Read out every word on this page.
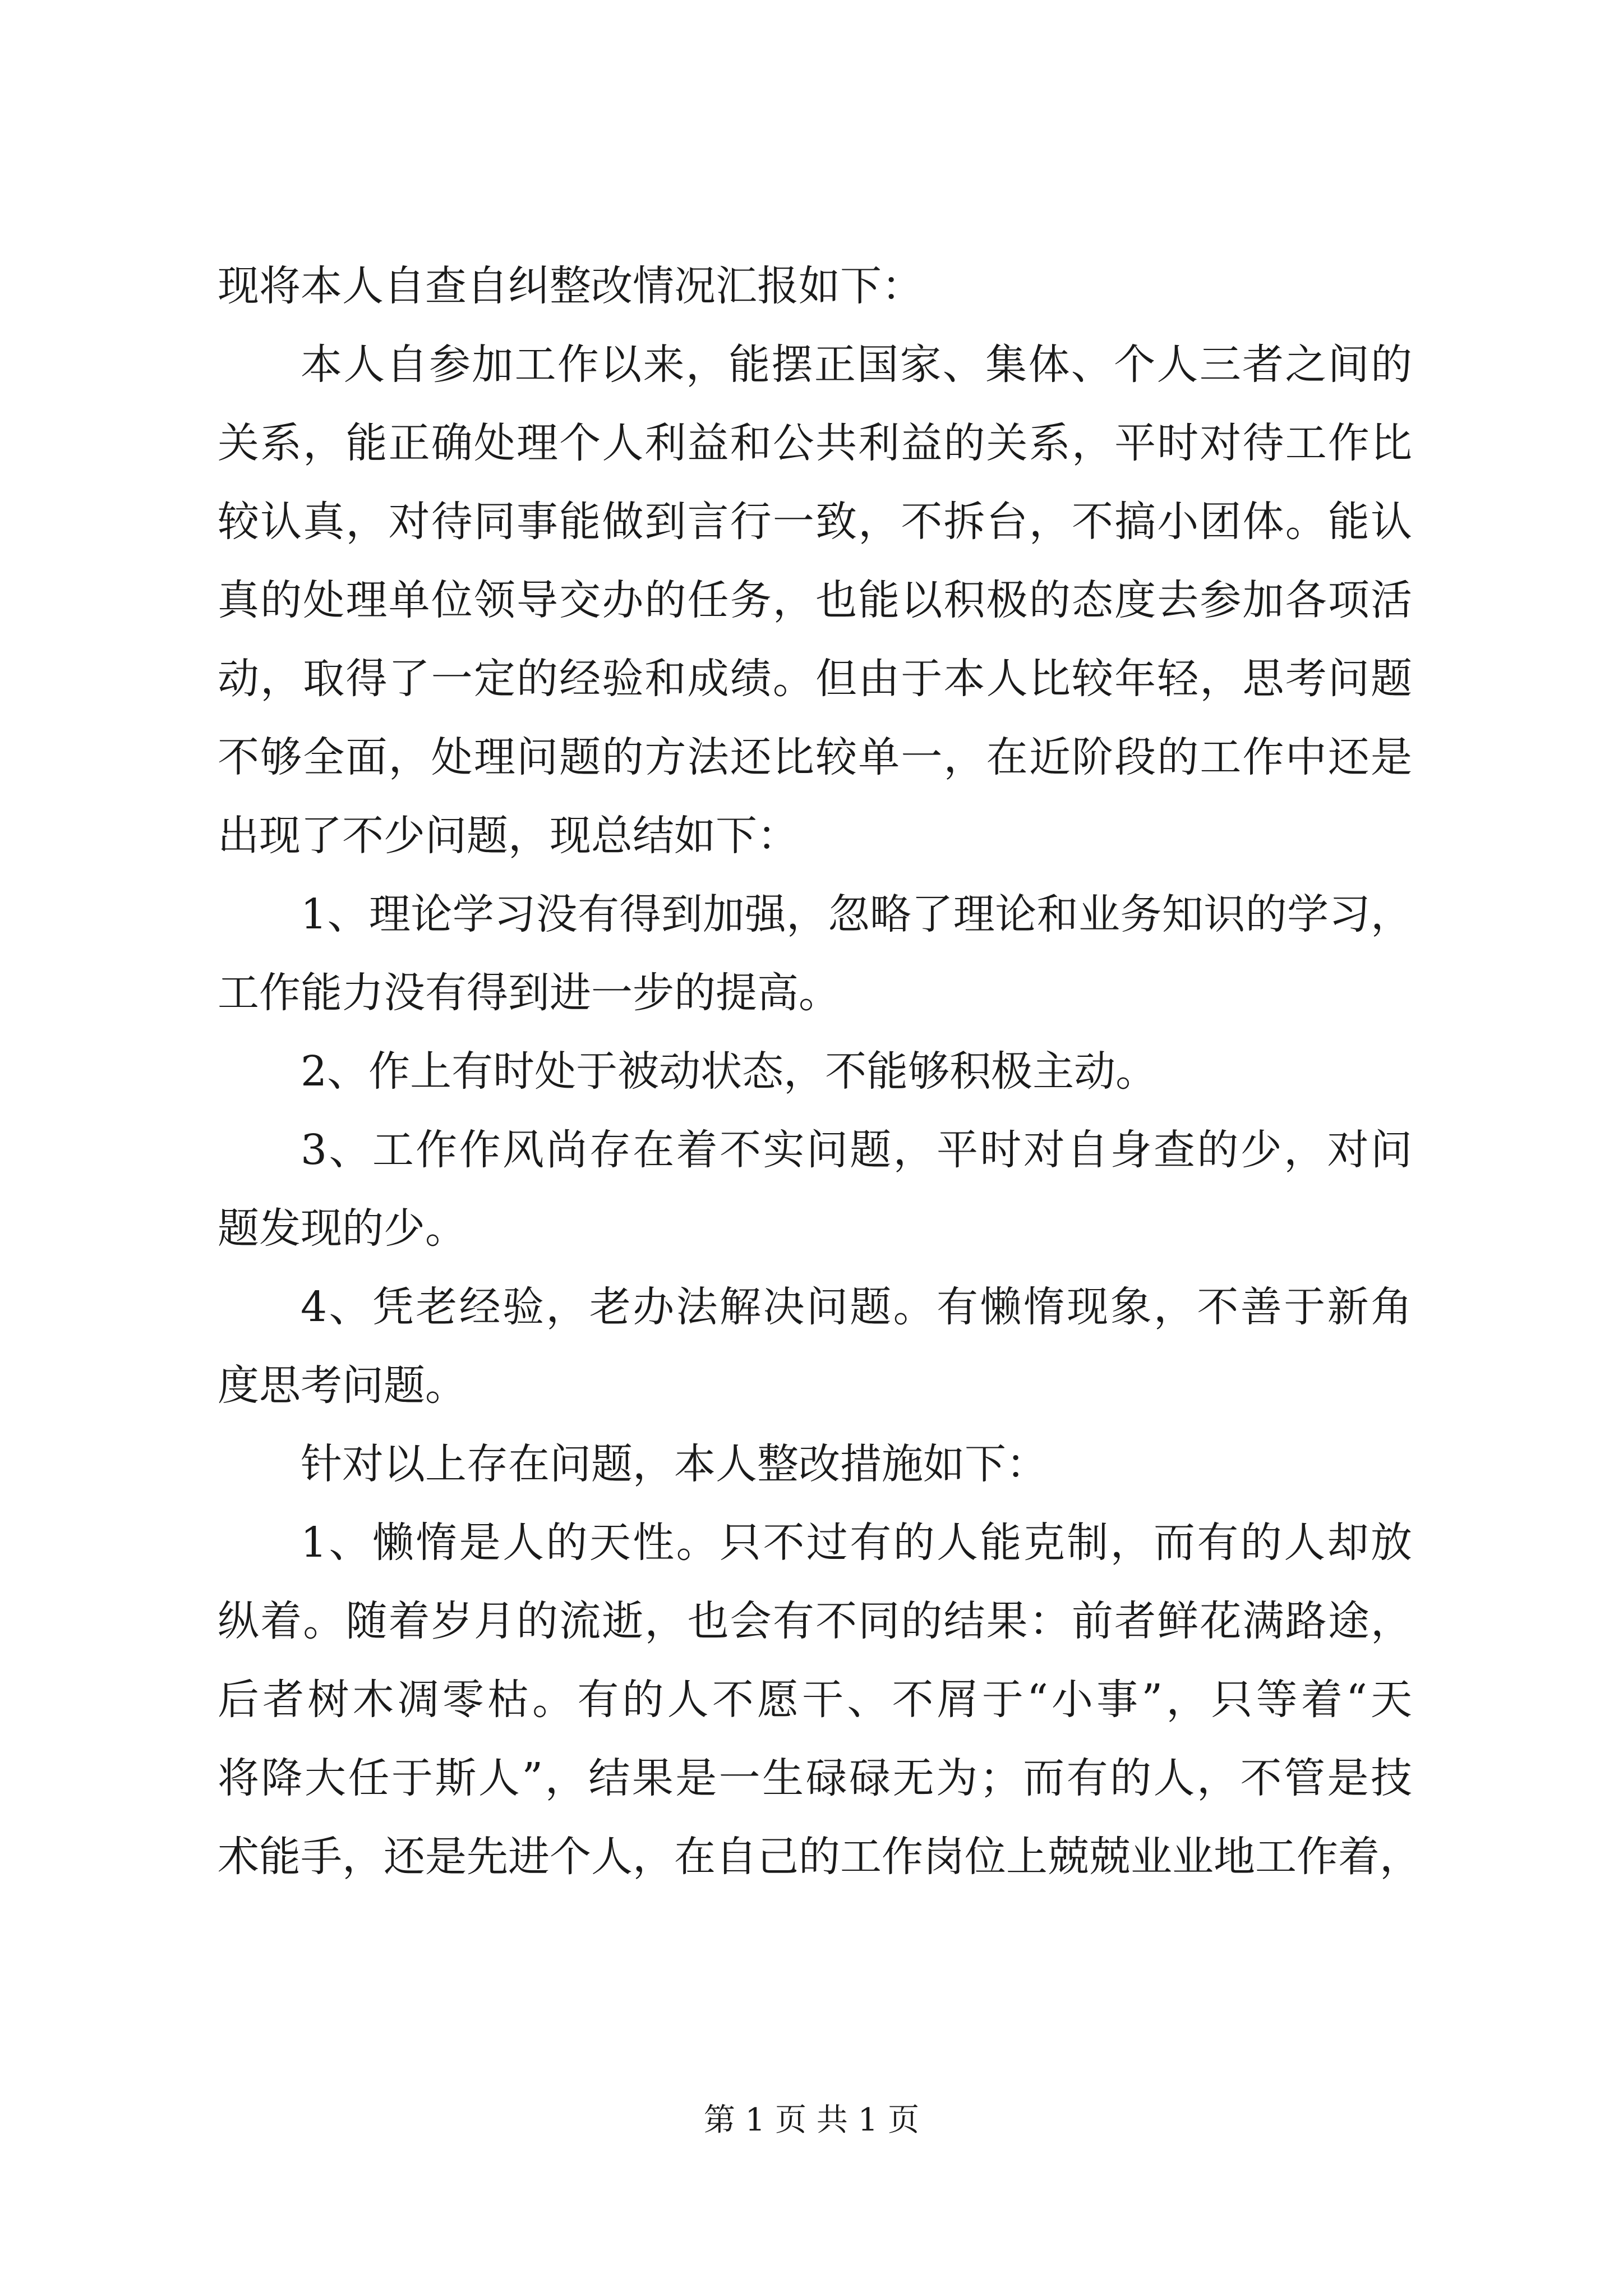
现将本人自查自纠整改情况汇报如下：
本人自参加工作以来，能摆正国家、集体、个人三者之间的
关系，能正确处理个人利益和公共利益的关系，平时对待工作比
较认真，对待同事能做到言行一致，不拆台，不搞小团体。能认
真的处理单位领导交办的任务，也能以积极的态度去参加各项活
动，取得了一定的经验和成绩。但由于本人比较年轻，思考问题
不够全面，处理问题的方法还比较单一，在近阶段的工作中还是
出现了不少问题，现总结如下：
1、理论学习没有得到加强，忽略了理论和业务知识的学习，
工作能力没有得到进一步的提高。
2、作上有时处于被动状态，不能够积极主动。
3、工作作风尚存在着不实问题，平时对自身查的少，对问
题发现的少。
4、凭老经验，老办法解决问题。有懒惰现象，不善于新角
度思考问题。
针对以上存在问题，本人整改措施如下：
1、懒惰是人的天性。只不过有的人能克制，而有的人却放
纵着。随着岁月的流逝，也会有不同的结果：前者鲜花满路途，
后者树木凋零枯。有的人不愿干、不屑于“小事”，只等着“天
将降大任于斯人”，结果是一生碌碌无为；而有的人，不管是技
术能手，还是先进个人，在自己的工作岗位上兢兢业业地工作着，
第 1 页 共 1 页
